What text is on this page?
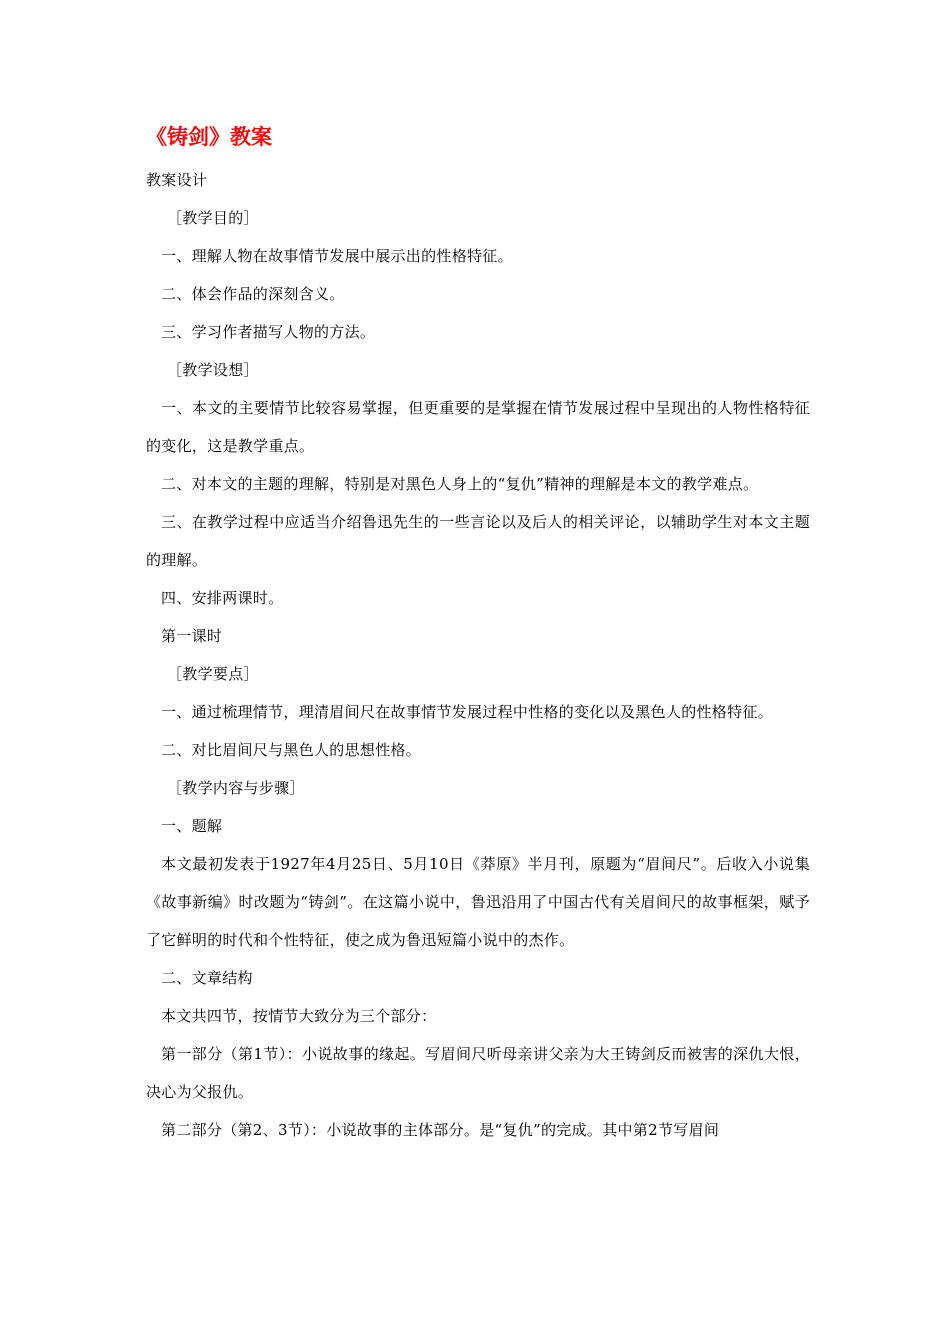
《铸剑》教案

教案设计

［教学目的］

一、理解人物在故事情节发展中展示出的性格特征。

二、体会作品的深刻含义。

三、学习作者描写人物的方法。

［教学设想］

一、本文的主要情节比较容易掌握，但更重要的是掌握在情节发展过程中呈现出的人物性格特征的变化，这是教学重点。

二、对本文的主题的理解，特别是对黑色人身上的“复仇”精神的理解是本文的教学难点。

三、在教学过程中应适当介绍鲁迅先生的一些言论以及后人的相关评论，以辅助学生对本文主题的理解。

四、安排两课时。

第一课时

［教学要点］

一、通过梳理情节，理清眉间尺在故事情节发展过程中性格的变化以及黑色人的性格特征。

二、对比眉间尺与黑色人的思想性格。

［教学内容与步骤］

一、题解

本文最初发表于1927年4月25日、5月10日《莽原》半月刊，原题为“眉间尺”。后收入小说集《故事新编》时改题为“铸剑”。在这篇小说中，鲁迅沿用了中国古代有关眉间尺的故事框架，赋予了它鲜明的时代和个性特征，使之成为鲁迅短篇小说中的杰作。

二、文章结构

本文共四节，按情节大致分为三个部分：

第一部分（第1节）：小说故事的缘起。写眉间尺听母亲讲父亲为大王铸剑反而被害的深仇大恨，决心为父报仇。

第二部分（第2、3节）：小说故事的主体部分。是“复仇”的完成。其中第2节写眉间
